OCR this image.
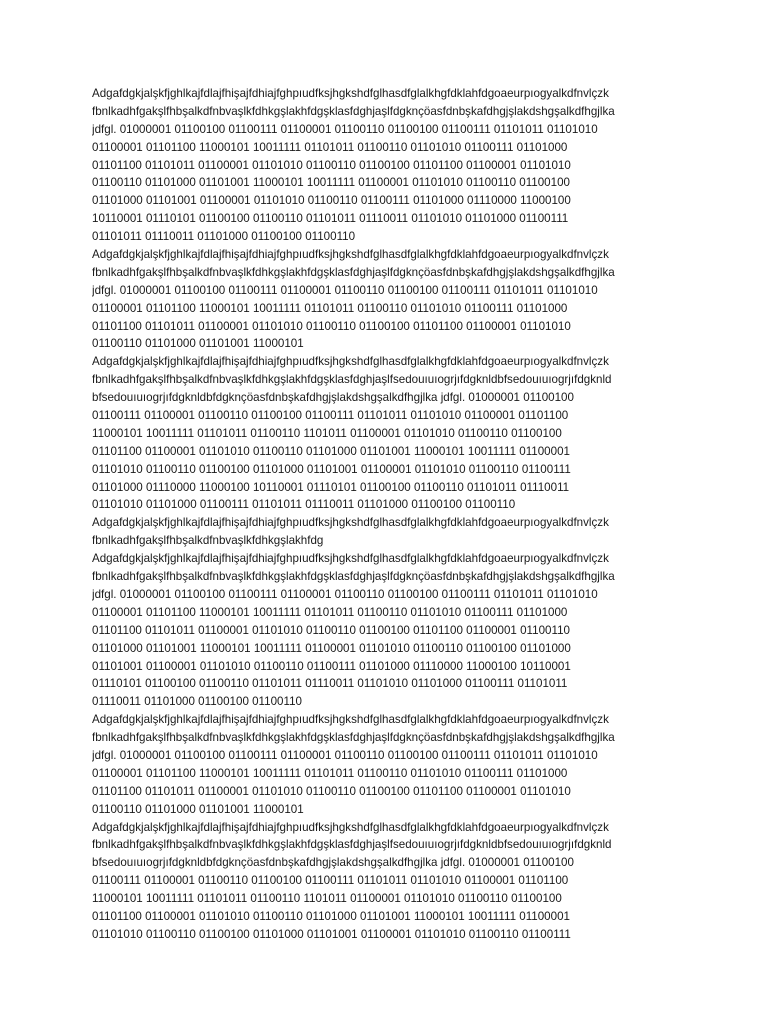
Adgafdgkjalşkfjghlkajfdlajfhişajfdhiajfghpıudfksjhgkshdfglhasdfglalkhgfdklahfdgoaeurpıogyalkdfnvlçzk
fbnlkadhfgakşlfhbşalkdfnbvaşlkfdhkgşlakhfdgşklasfdghjaşlfdgknçöasfdnbşkafdhgjşlakdshgşalkdfhgjlka
jdfgl. 01000001 01100100 01100111 01100001 01100110 01100100 01100111 01101011 01101010
01100001 01101100 11000101 10011111 01101011 01100110 01101010 01100111 01101000
01101100 01101011 01100001 01101010 01100110 01100100 01101100 01100001 01101010
01100110 01101000 01101001 11000101 10011111 01100001 01101010 01100110 01100100
01101000 01101001 01100001 01101010 01100110 01100111 01101000 01110000 11000100
10110001 01110101 01100100 01100110 01101011 01110011 01101010 01101000 01100111
01101011 01110011 01101000 01100100 01100110
Adgafdgkjalşkfjghlkajfdlajfhişajfdhiajfghpıudfksjhgkshdfglhasdfglalkhgfdklahfdgoaeurpıogyalkdfnvlçzk
fbnlkadhfgakşlfhbşalkdfnbvaşlkfdhkgşlakhfdgşklasfdghjaşlfdgknçöasfdnbşkafdhgjşlakdshgşalkdfhgjlka
jdfgl. 01000001 01100100 01100111 01100001 01100110 01100100 01100111 01101011 01101010
01100001 01101100 11000101 10011111 01101011 01100110 01101010 01100111 01101000
01101100 01101011 01100001 01101010 01100110 01100100 01101100 01100001 01101010
01100110 01101000 01101001 11000101
Adgafdgkjalşkfjghlkajfdlajfhişajfdhiajfghpıudfksjhgkshdfglhasdfglalkhgfdklahfdgoaeurpıogyalkdfnvlçzk
fbnlkadhfgakşlfhbşalkdfnbvaşlkfdhkgşlakhfdgşklasfdghjaşlfsedouıuıogrjıfdgknldbfsedouıuıogrjıfdgknld
bfsedouıuıogrjıfdgknldbfdgknçöasfdnbşkafdhgjşlakdshgşalkdfhgjlka jdfgl. 01000001 01100100
01100111 01100001 01100110 01100100 01100111 01101011 01101010 01100001 01101100
11000101 10011111 01101011 01100110 1101011 01100001 01101010 01100110 01100100
01101100 01100001 01101010 01100110 01101000 01101001 11000101 10011111 01100001
01101010 01100110 01100100 01101000 01101001 01100001 01101010 01100110 01100111
01101000 01110000 11000100 10110001 01110101 01100100 01100110 01101011 01110011
01101010 01101000 01100111 01101011 01110011 01101000 01100100 01100110
Adgafdgkjalşkfjghlkajfdlajfhişajfdhiajfghpıudfksjhgkshdfglhasdfglalkhgfdklahfdgoaeurpıogyalkdfnvlçzk
fbnlkadhfgakşlfhbşalkdfnbvaşlkfdhkgşlakhfdg
Adgafdgkjalşkfjghlkajfdlajfhişajfdhiajfghpıudfksjhgkshdfglhasdfglalkhgfdklahfdgoaeurpıogyalkdfnvlçzk
fbnlkadhfgakşlfhbşalkdfnbvaşlkfdhkgşlakhfdgşklasfdghjaşlfdgknçöasfdnbşkafdhgjşlakdshgşalkdfhgjlka
jdfgl. 01000001 01100100 01100111 01100001 01100110 01100100 01100111 01101011 01101010
01100001 01101100 11000101 10011111 01101011 01100110 01101010 01100111 01101000
01101100 01101011 01100001 01101010 01100110 01100100 01101100 01100001 01100110
01101000 01101001 11000101 10011111 01100001 01101010 01100110 01100100 01101000
01101001 01100001 01101010 01100110 01100111 01101000 01110000 11000100 10110001
01110101 01100100 01100110 01101011 01110011 01101010 01101000 01100111 01101011
01110011 01101000 01100100 01100110
Adgafdgkjalşkfjghlkajfdlajfhişajfdhiajfghpıudfksjhgkshdfglhasdfglalkhgfdklahfdgoaeurpıogyalkdfnvlçzk
fbnlkadhfgakşlfhbşalkdfnbvaşlkfdhkgşlakhfdgşklasfdghjaşlfdgknçöasfdnbşkafdhgjşlakdshgşalkdfhgjlka
jdfgl. 01000001 01100100 01100111 01100001 01100110 01100100 01100111 01101011 01101010
01100001 01101100 11000101 10011111 01101011 01100110 01101010 01100111 01101000
01101100 01101011 01100001 01101010 01100110 01100100 01101100 01100001 01101010
01100110 01101000 01101001 11000101
Adgafdgkjalşkfjghlkajfdlajfhişajfdhiajfghpıudfksjhgkshdfglhasdfglalkhgfdklahfdgoaeurpıogyalkdfnvlçzk
fbnlkadhfgakşlfhbşalkdfnbvaşlkfdhkgşlakhfdgşklasfdghjaşlfsedouıuıogrjıfdgknldbfsedouıuıogrjıfdgknld
bfsedouıuıogrjıfdgknldbfdgknçöasfdnbşkafdhgjşlakdshgşalkdfhgjlka jdfgl. 01000001 01100100
01100111 01100001 01100110 01100100 01100111 01101011 01101010 01100001 01101100
11000101 10011111 01101011 01100110 1101011 01100001 01101010 01100110 01100100
01101100 01100001 01101010 01100110 01101000 01101001 11000101 10011111 01100001
01101010 01100110 01100100 01101000 01101001 01100001 01101010 01100110 01100111
